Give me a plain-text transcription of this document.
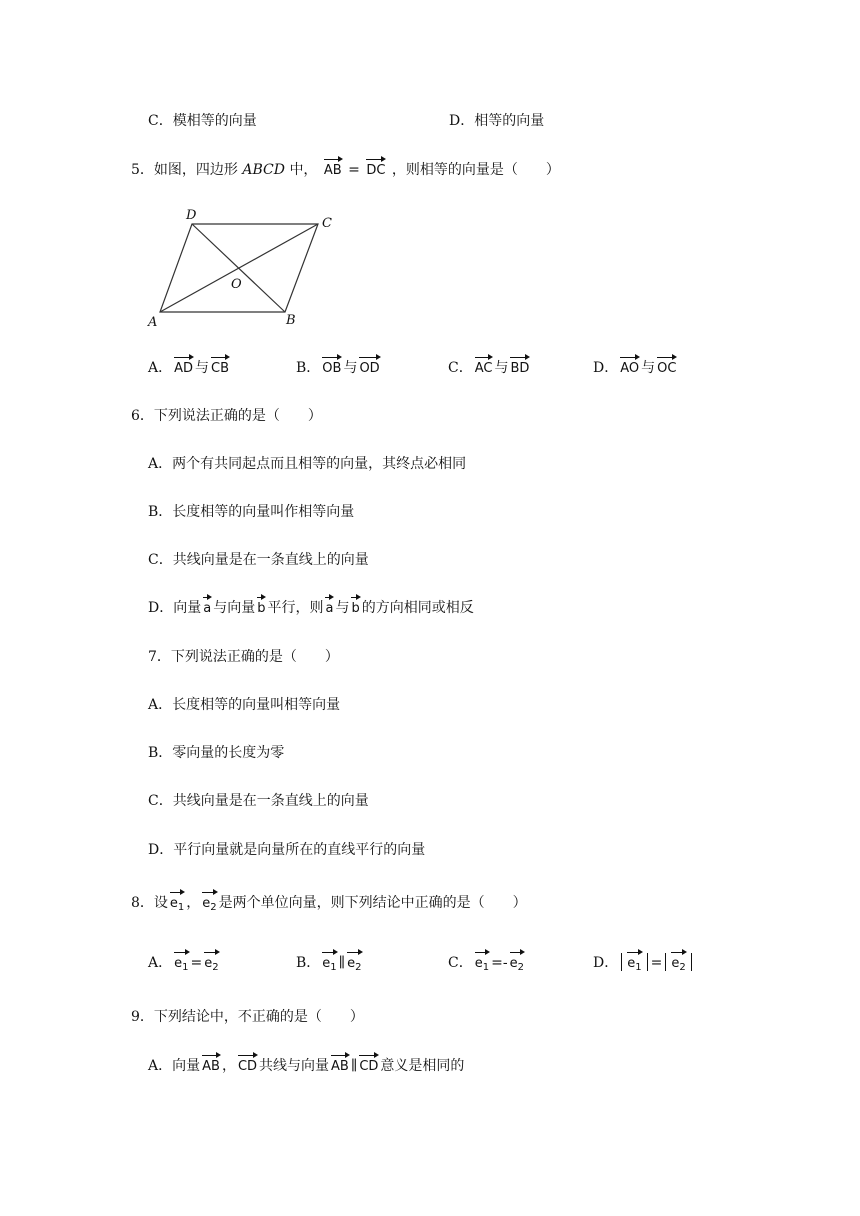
C．模相等的向量	D．相等的向量
5．如图，四边形 ABCD 中， AB = DC ，则相等的向量是（　　）
D
C
A	B
O
A． AD 与 CB	B． OB 与 OD	C． AC 与 BD	D． AO 与 OC
6．下列说法正确的是（　　）
A．两个有共同起点而且相等的向量，其终点必相同
B．长度相等的向量叫作相等向量
C．共线向量是在一条直线上的向量
D．向量 a 与向量 b 平行，则 a 与 b 的方向相同或相反
7．下列说法正确的是（　　）
A．长度相等的向量叫相等向量
B．零向量的长度为零
C．共线向量是在一条直线上的向量
D．平行向量就是向量所在的直线平行的向量
8．设 $e_1$ ， $e_2$ 是两个单位向量，则下列结论中正确的是（　　）
A． $e_1 = e_2$	B． $e_1$ ∥ $e_2$	C． $e_1 =- e_2$	D． $e_1 = e_2$
9．下列结论中，不正确的是（　　）
A．向量 AB ， CD 共线与向量 AB ∥ CD 意义是相同的
